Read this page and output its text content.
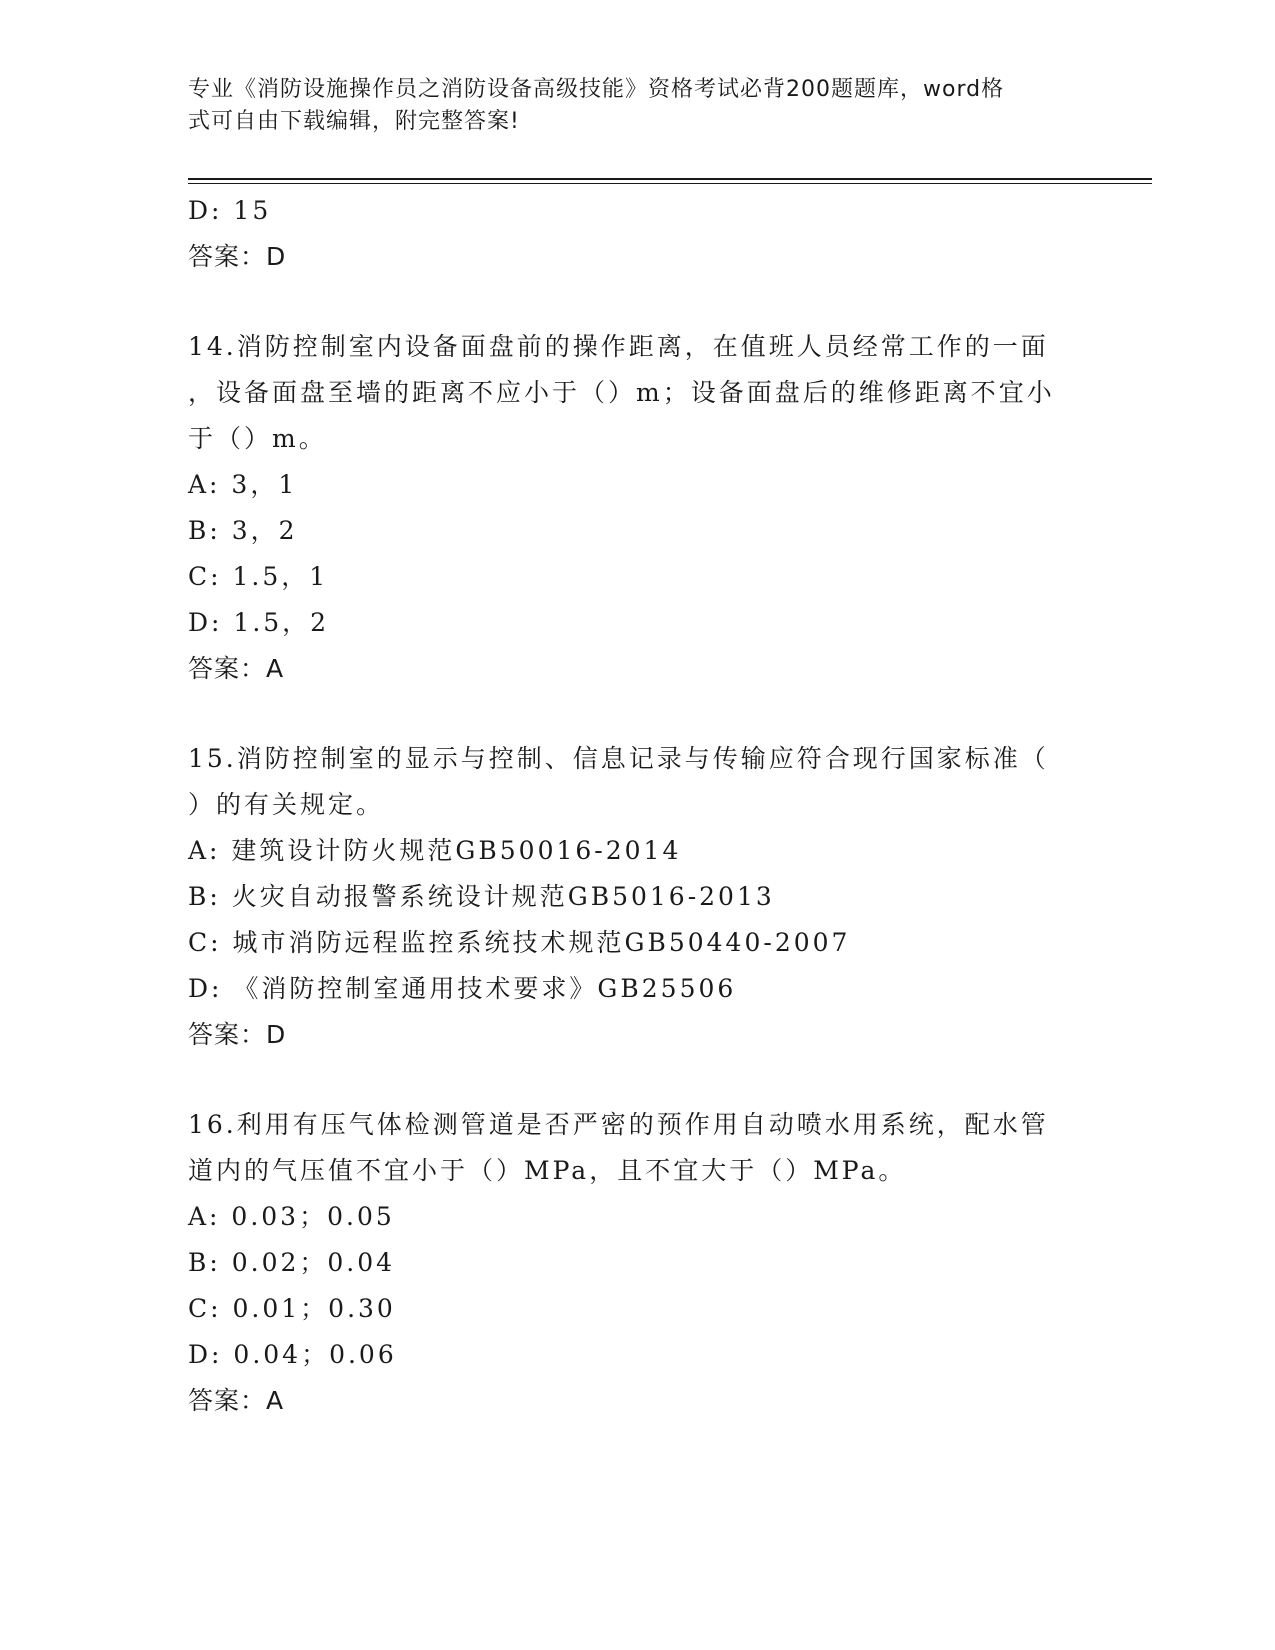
专业《消防设施操作员之消防设备高级技能》资格考试必背200题题库，word格
式可自由下载编辑，附完整答案!
D: 15
答案：D
14.消防控制室内设备面盘前的操作距离，在值班人员经常工作的一面
，设备面盘至墙的距离不应小于（）m；设备面盘后的维修距离不宜小
于（）m。
A: 3，1
B: 3，2
C: 1.5，1
D: 1.5，2
答案：A
15.消防控制室的显示与控制、信息记录与传输应符合现行国家标准（
）的有关规定。
A: 建筑设计防火规范GB50016-2014
B: 火灾自动报警系统设计规范GB5016-2013
C: 城市消防远程监控系统技术规范GB50440-2007
D: 《消防控制室通用技术要求》GB25506
答案：D
16.利用有压气体检测管道是否严密的预作用自动喷水用系统，配水管
道内的气压值不宜小于（）MPa，且不宜大于（）MPa。
A: 0.03；0.05
B: 0.02；0.04
C: 0.01；0.30
D: 0.04；0.06
答案：A
